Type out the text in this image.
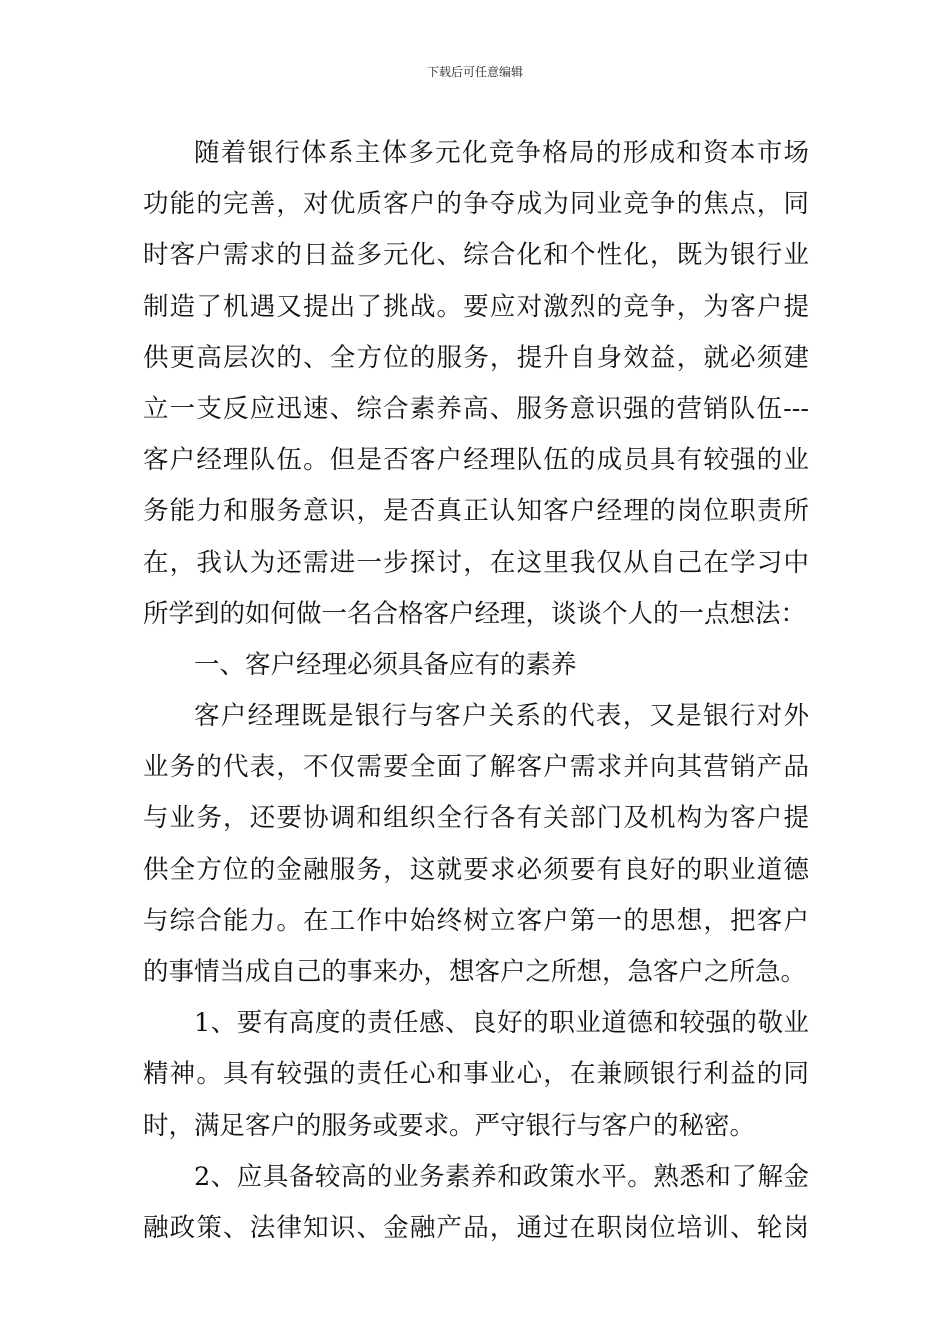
下载后可任意编辑
随着银行体系主体多元化竞争格局的形成和资本市场
功能的完善，对优质客户的争夺成为同业竞争的焦点，同
时客户需求的日益多元化、综合化和个性化，既为银行业
制造了机遇又提出了挑战。要应对激烈的竞争，为客户提
供更高层次的、全方位的服务，提升自身效益，就必须建
立一支反应迅速、综合素养高、服务意识强的营销队伍---
客户经理队伍。但是否客户经理队伍的成员具有较强的业
务能力和服务意识，是否真正认知客户经理的岗位职责所
在，我认为还需进一步探讨，在这里我仅从自己在学习中
所学到的如何做一名合格客户经理，谈谈个人的一点想法：
一、客户经理必须具备应有的素养
客户经理既是银行与客户关系的代表，又是银行对外
业务的代表，不仅需要全面了解客户需求并向其营销产品
与业务，还要协调和组织全行各有关部门及机构为客户提
供全方位的金融服务，这就要求必须要有良好的职业道德
与综合能力。在工作中始终树立客户第一的思想，把客户
的事情当成自己的事来办，想客户之所想，急客户之所急。
1、要有高度的责任感、良好的职业道德和较强的敬业
精神。具有较强的责任心和事业心，在兼顾银行利益的同
时，满足客户的服务或要求。严守银行与客户的秘密。
2、应具备较高的业务素养和政策水平。熟悉和了解金
融政策、法律知识、金融产品，通过在职岗位培训、轮岗
